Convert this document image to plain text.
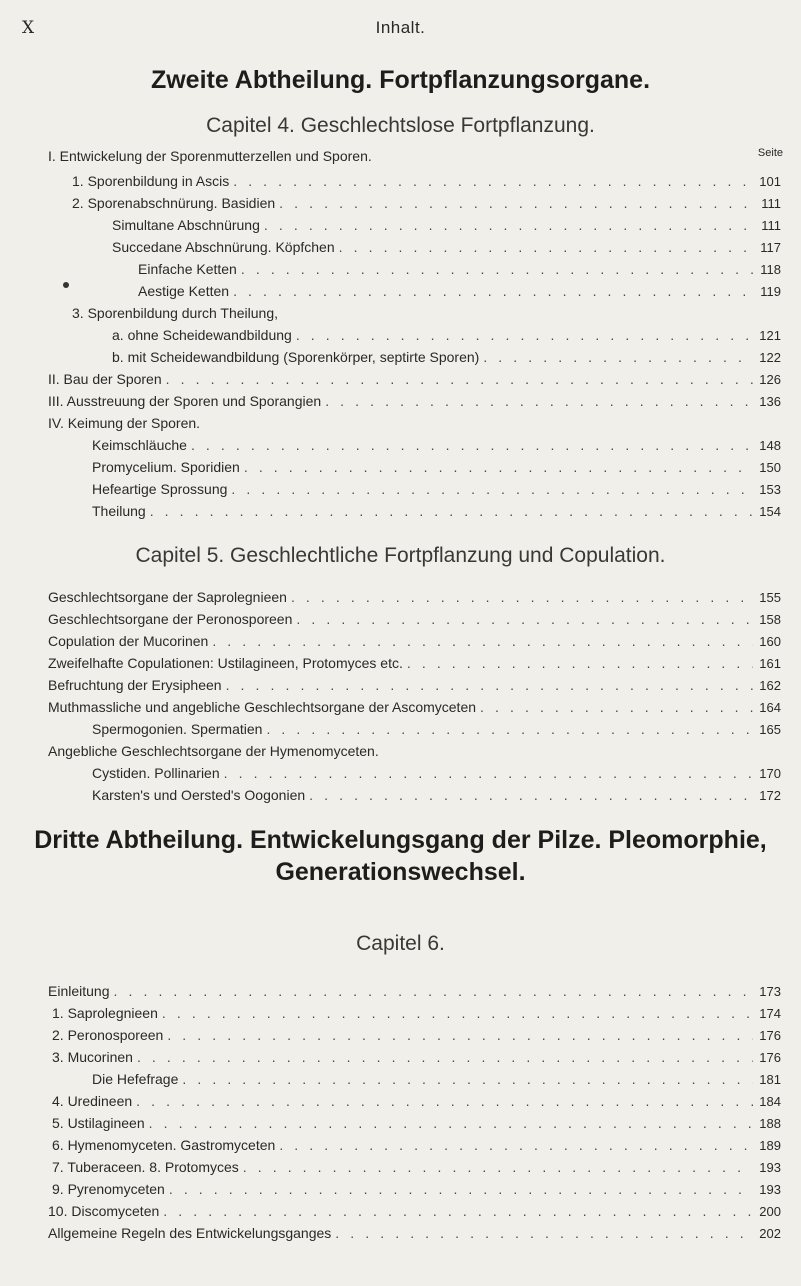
X	Inhalt.
Zweite Abtheilung. Fortpflanzungsorgane.
Capitel 4. Geschlechtslose Fortpflanzung.
Seite
I. Entwickelung der Sporenmutterzellen und Sporen.
1. Sporenbildung in Ascis . . .	101
2. Sporenabschnürung. Basidien . . .	111
Simultane Abschnürung . . .	111
Succedane Abschnürung. Köpfchen . . .	117
Einfache Ketten . . .	118
Aestige Ketten . . .	119
3. Sporenbildung durch Theilung,
a. ohne Scheidewandbildung . . .	121
b. mit Scheidewandbildung (Sporenkörper, septirte Sporen) . . .	122
II. Bau der Sporen . . .	126
III. Ausstreuung der Sporen und Sporangien . . .	136
IV. Keimung der Sporen.
Keimschläuche . . .	148
Promycelium. Sporidien . . .	150
Hefeartige Sprossung . . .	153
Theilung . . .	154
Capitel 5. Geschlechtliche Fortpflanzung und Copulation.
Geschlechtsorgane der Saprolegnieen . . .	155
Geschlechtsorgane der Peronosporeen . . .	158
Copulation der Mucorinen . . .	160
Zweifelhafte Copulationen: Ustilagineen, Protomyces etc. . . .	161
Befruchtung der Erysipheen . . .	162
Muthmassliche und angebliche Geschlechtsorgane der Ascomyceten . . .	164
Spermogonien. Spermatien . . .	165
Angebliche Geschlechtsorgane der Hymenomyceten.
Cystiden. Pollinarien . . .	170
Karsten's und Oersted's Oogonien . . .	172
Dritte Abtheilung. Entwickelungsgang der Pilze. Pleomorphie,
Generationswechsel.
Capitel 6.
Einleitung . . .	173
1. Saprolegnieen . . .	174
2. Peronosporeen . . .	176
3. Mucorinen . . .	176
Die Hefefrage . . .	181
4. Uredineen . . .	184
5. Ustilagineen . . .	188
6. Hymenomyceten. Gastromyceten . . .	189
7. Tuberaceen. 8. Protomyces . . .	193
9. Pyrenomyceten . . .	193
10. Discomyceten . . .	200
Allgemeine Regeln des Entwickelungsganges . . .	202
